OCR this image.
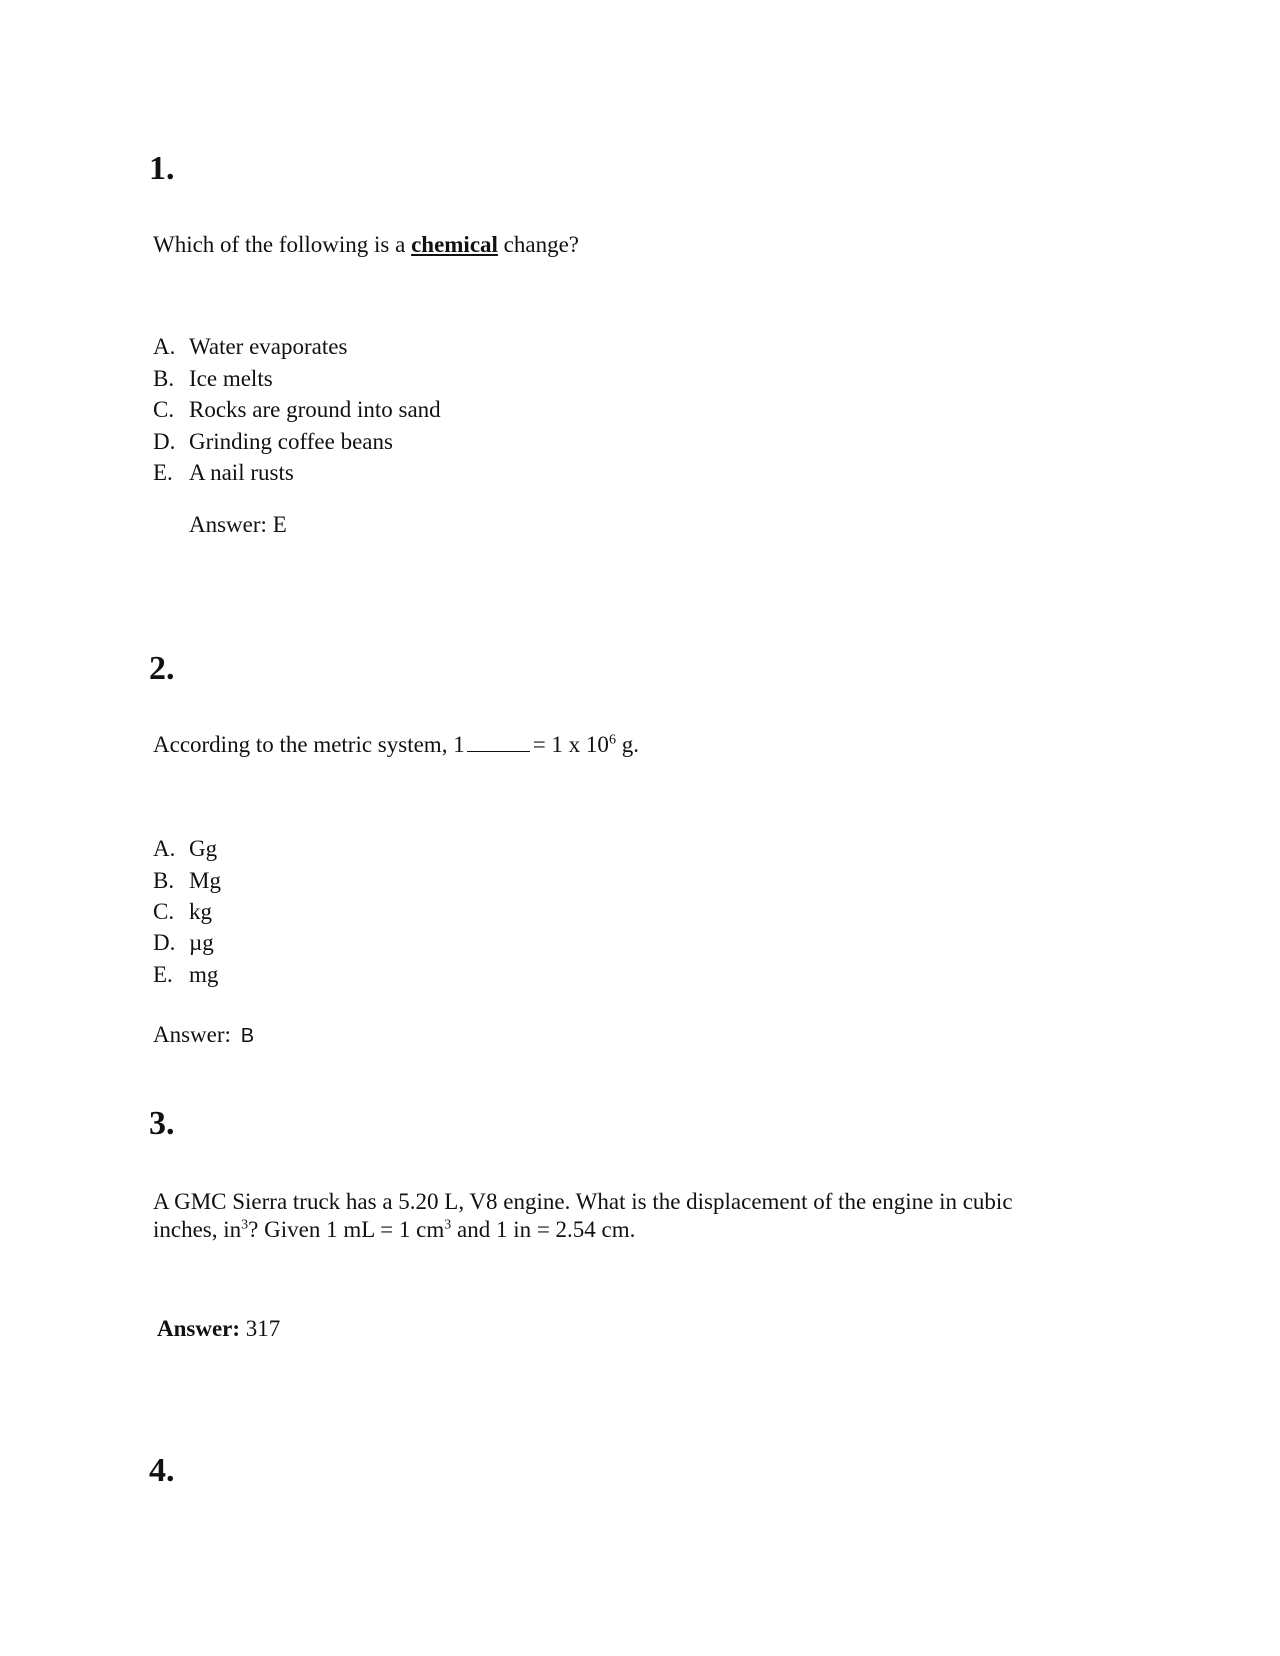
1.
Which of the following is a chemical change?
A. Water evaporates
B. Ice melts
C. Rocks are ground into sand
D. Grinding coffee beans
E. A nail rusts
Answer: E
2.
According to the metric system, 1	= 1 x $10^6$ g.
A. Gg
B. Mg
C. kg
D. µg
E. mg
Answer: B
3.
A GMC Sierra truck has a 5.20 L, V8 engine. What is the displacement of the engine in cubic
inches, $in^3$? Given 1 mL = 1 $cm^3$ and 1 in = 2.54 cm.
Answer: 317
4.
